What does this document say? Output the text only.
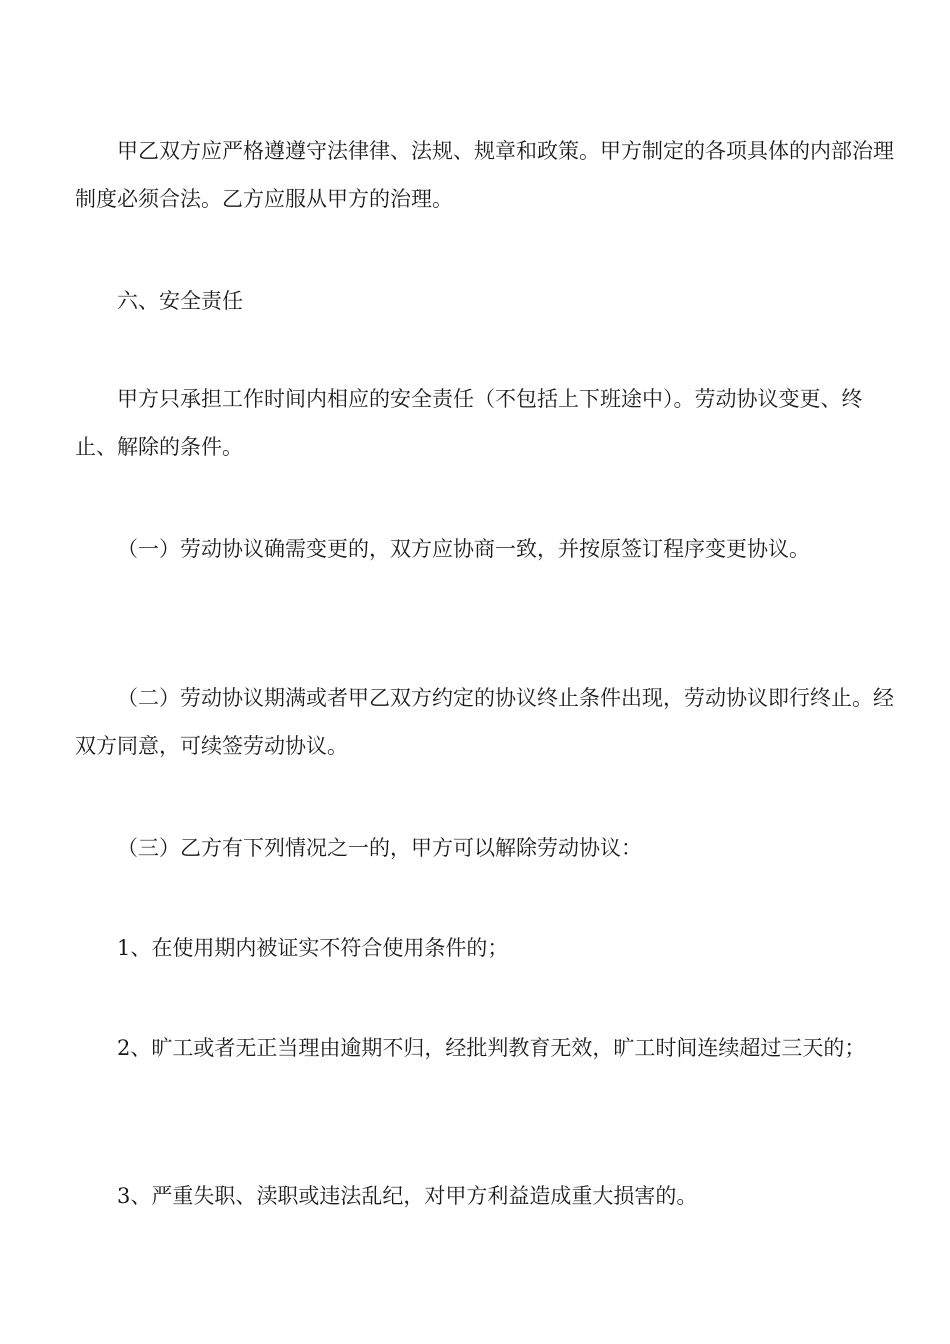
甲乙双方应严格遵遵守法律律、法规、规章和政策。甲方制定的各项具体的内部治理制度必须合法。乙方应服从甲方的治理。

六、安全责任

甲方只承担工作时间内相应的安全责任（不包括上下班途中）。劳动协议变更、终止、解除的条件。

（一）劳动协议确需变更的，双方应协商一致，并按原签订程序变更协议。

（二）劳动协议期满或者甲乙双方约定的协议终止条件出现，劳动协议即行终止。经双方同意，可续签劳动协议。

（三）乙方有下列情况之一的，甲方可以解除劳动协议：

1、在使用期内被证实不符合使用条件的；

2、旷工或者无正当理由逾期不归，经批判教育无效，旷工时间连续超过三天的；

3、严重失职、渎职或违法乱纪，对甲方利益造成重大损害的。
